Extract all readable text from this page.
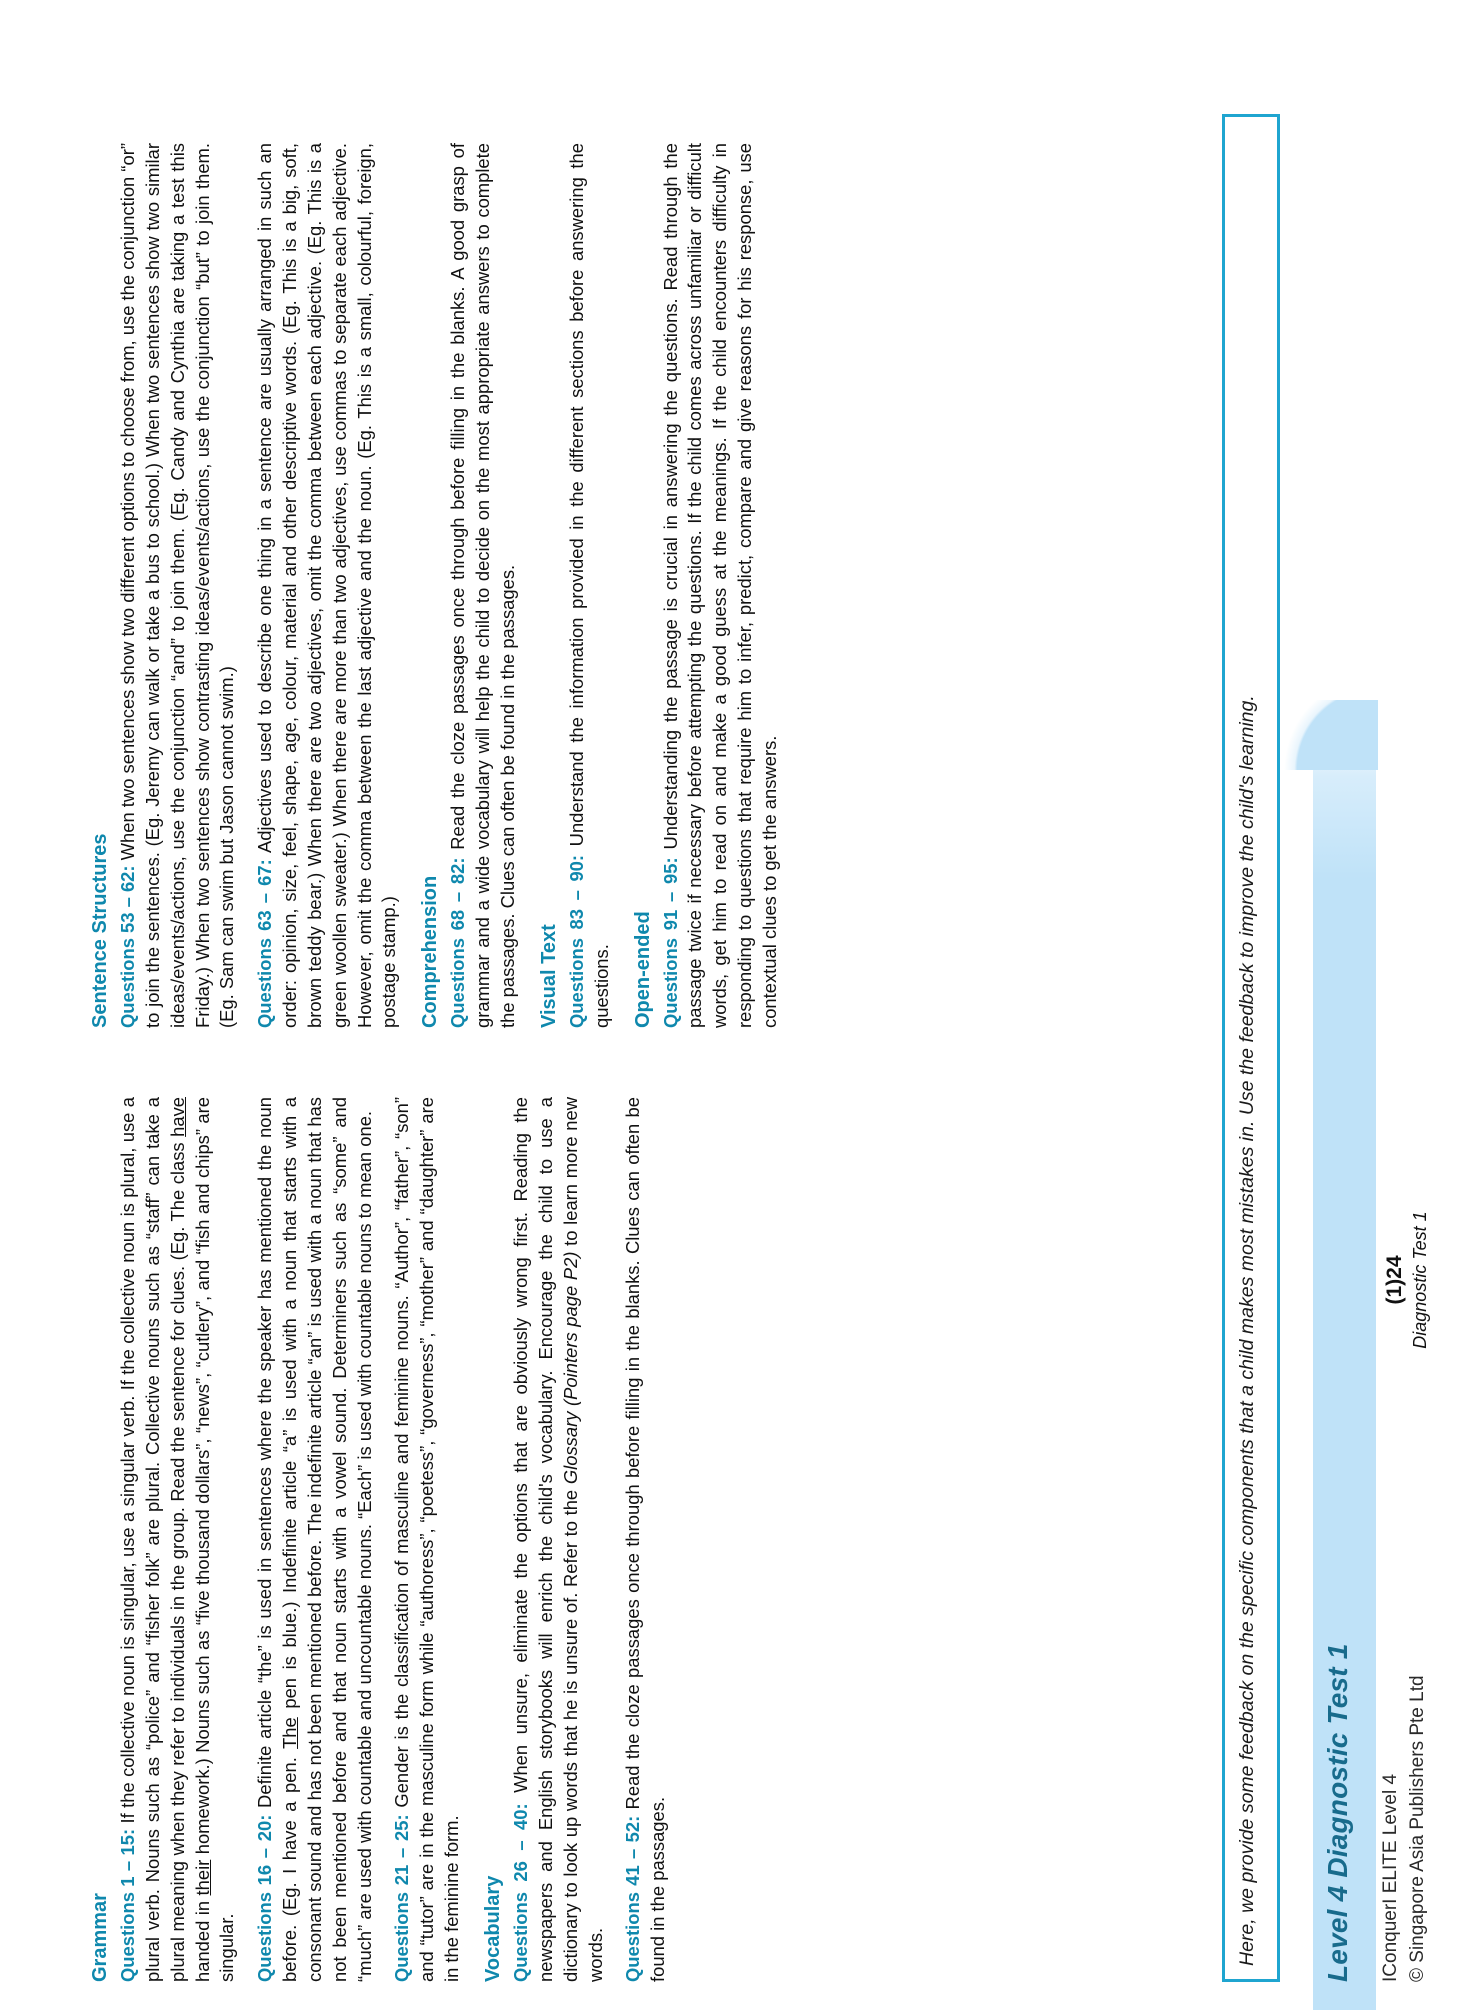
Level 4 Diagnostic Test 1
Here, we provide some feedback on the specific components that a child makes most mistakes in. Use the feedback to improve the child's learning.
Grammar Questions 1 – 15: If the collective noun is singular, use a singular verb. If the collective noun is plural, use a plural verb. Nouns such as “police” and “fisher folk” are plural. Collective nouns such as “staff” can take a plural meaning when they refer to individuals in the group. Read the sentence for clues. (Eg. The class have handed in their homework.) Nouns such as “five thousand dollars”, “news”, “cutlery”, and “fish and chips” are singular. Questions 16 – 20: Definite article “the” is used in sentences where the speaker has mentioned the noun before. (Eg. I have a pen. The pen is blue.) Indefinite article “a” is used with a noun that starts with a consonant sound and has not been mentioned before. The indefinite article “an” is used with a noun that has not been mentioned before and that noun starts with a vowel sound. Determiners such as “some” and “much” are used with countable and uncountable nouns. “Each” is used with countable nouns to mean one. Questions 21 – 25: Gender is the classification of masculine and feminine nouns. “Author”, “father”, “son” and “tutor” are in the masculine form while “authoress”, “poetess”, “governess”, “mother” and “daughter” are in the feminine form. Vocabulary Questions 26 – 40: When unsure, eliminate the options that are obviously wrong first. Reading the newspapers and English storybooks will enrich the child's vocabulary. Encourage the child to use a dictionary to look up words that he is unsure of. Refer to the Glossary (Pointers page P2) to learn more new words. Questions 41 – 52: Read the cloze passages once through before filling in the blanks. Clues can often be found in the passages.

Sentence Structures Questions 53 – 62: When two sentences show two different options to choose from, use the conjunction “or” to join the sentences. (Eg. Jeremy can walk or take a bus to school.) When two sentences show two similar ideas/events/actions, use the conjunction “and” to join them. (Eg. Candy and Cynthia are taking a test this Friday.) When two sentences show contrasting ideas/events/actions, use the conjunction “but” to join them. (Eg. Sam can swim but Jason cannot swim.) Questions 63 – 67: Adjectives used to describe one thing in a sentence are usually arranged in such an order: opinion, size, feel, shape, age, colour, material and other descriptive words. (Eg. This is a big, soft, brown teddy bear.) When there are two adjectives, omit the comma between each adjective. (Eg. This is a green woollen sweater.) When there are more than two adjectives, use commas to separate each adjective. However, omit the comma between the last adjective and the noun. (Eg. This is a small, colourful, foreign, postage stamp.) Comprehension Questions 68 – 82: Read the cloze passages once through before filling in the blanks. A good grasp of grammar and a wide vocabulary will help the child to decide on the most appropriate answers to complete the passages. Clues can often be found in the passages. Visual Text Questions 83 – 90: Understand the information provided in the different sections before answering the questions. Open-ended Questions 91 – 95: Understanding the passage is crucial in answering the questions. Read through the passage twice if necessary before attempting the questions. If the child comes across unfamiliar or difficult words, get him to read on and make a good guess at the meanings. If the child encounters difficulty in responding to questions that require him to infer, predict, compare and give reasons for his response, use contextual clues to get the answers.

IConquerI ELITE Level 4 © Singapore Asia Publishers Pte Ltd
(1)24 Diagnostic Test 1
